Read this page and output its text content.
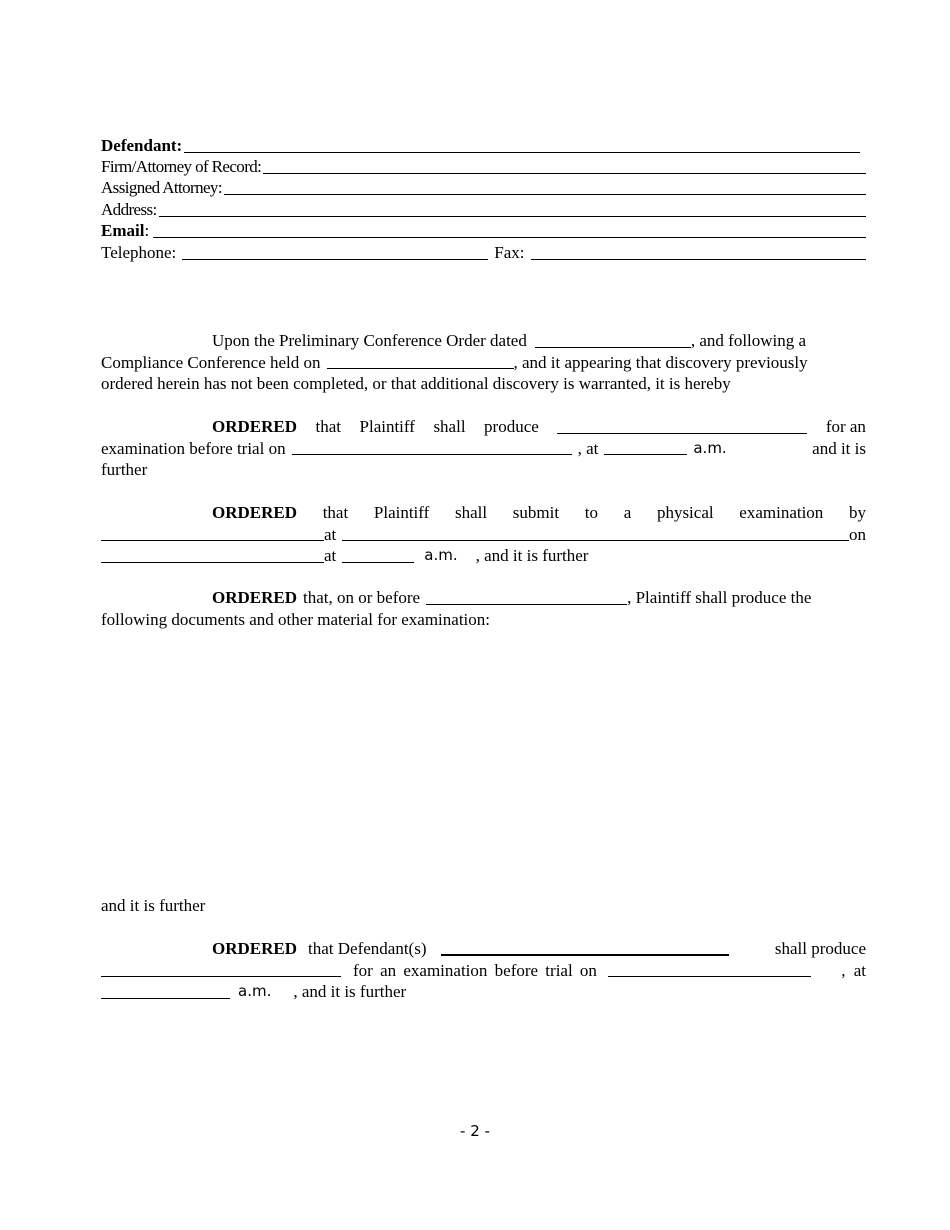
Defendant:
Firm/Attorney of Record:
Assigned Attorney:
Address:
Email :
Telephone:	Fax:
Upon the Preliminary Conference Order dated	, and following a
Compliance Conference held on	, and it appearing that discovery previously
ordered herein has not been completed, or that additional discovery is warranted, it is hereby
ORDERED that Plaintiff shall produce	for an
examination before trial on	, at	a.m.	and it is
further
ORDERED that Plaintiff shall submit to a physical examination by
at	on
at	a.m. , and it is further
ORDERED that, on or before	, Plaintiff shall produce the
following documents and other material for examination:
and it is further
ORDERED that Defendant(s)	shall produce
for an examination before trial on	, at
a.m. , and it is further
- 2 -
